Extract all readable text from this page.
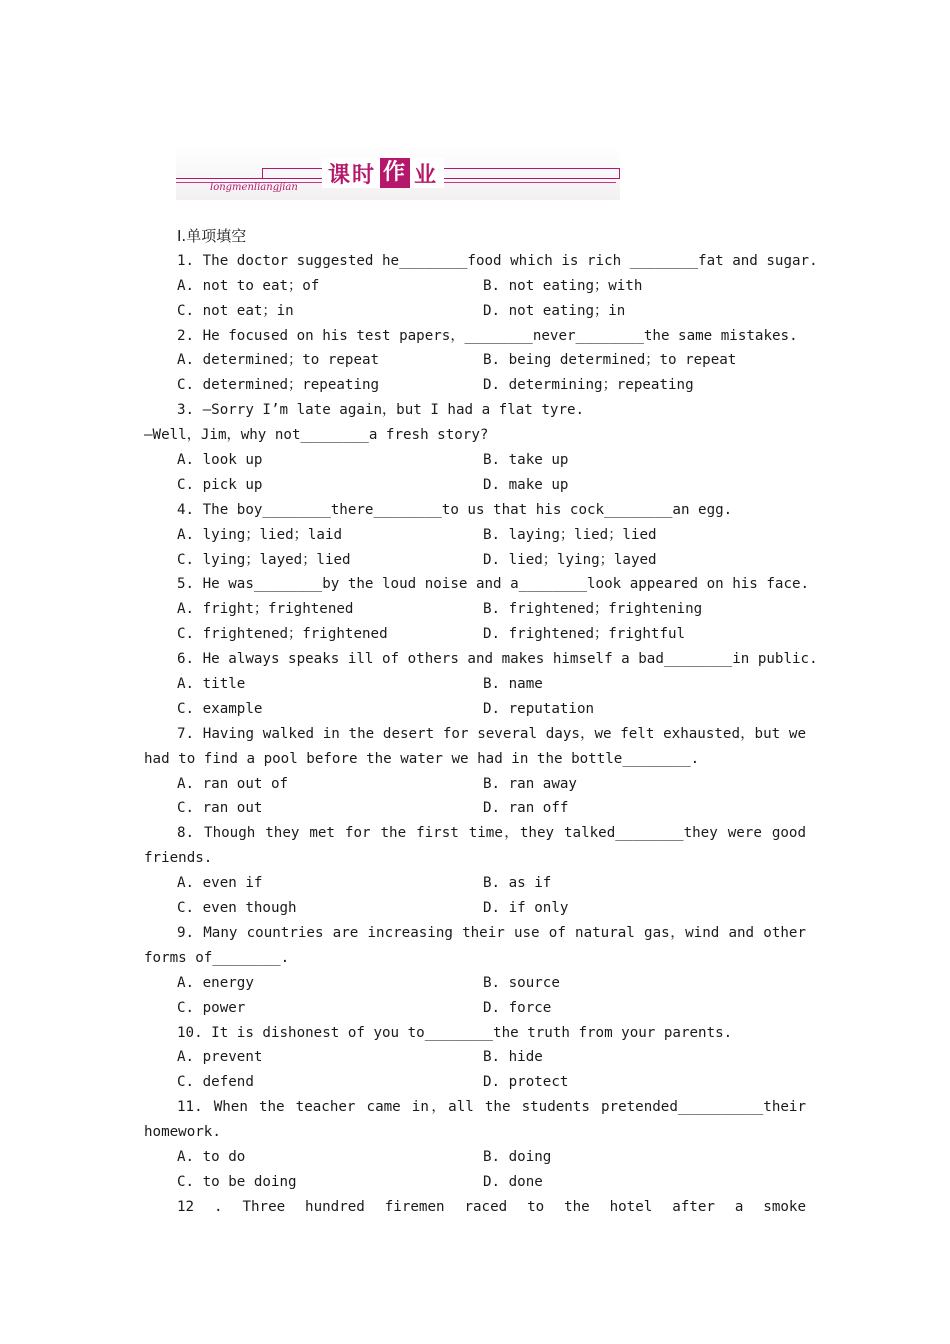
课时 作 业
longmenliangjian
Ⅰ.单项填空
1. The doctor suggested he________food which is rich ________fat and sugar.
A. not to eat；of	B. not eating；with
C. not eat；in	D. not eating；in
2. He focused on his test papers，________never________the same mistakes.
A. determined；to repeat	B. being determined；to repeat
C. determined；repeating	D. determining；repeating
3. —Sorry I’m late again，but I had a flat tyre.
—Well，Jim，why not________a fresh story?
A. look up	B. take up
C. pick up	D. make up
4. The boy________there________to us that his cock________an egg.
A. lying；lied；laid	B. laying；lied；lied
C. lying；layed；lied	D. lied；lying；layed
5. He was________by the loud noise and a________look appeared on his face.
A. fright；frightened	B. frightened；frightening
C. frightened；frightened	D. frightened；frightful
6. He always speaks ill of others and makes himself a bad________in public.
A. title	B. name
C. example	D. reputation
7. Having walked in the desert for several days，we felt exhausted，but we
had to find a pool before the water we had in the bottle________.
A. ran out of	B. ran away
C. ran out	D. ran off
8. Though they met for the first time，they talked________they were good
friends.
A. even if	B. as if
C. even though	D. if only
9. Many countries are increasing their use of natural gas，wind and other
forms of________.
A. energy	B. source
C. power	D. force
10. It is dishonest of you to________the truth from your parents.
A. prevent	B. hide
C. defend	D. protect
11. When the teacher came in，all the students pretended__________their
homework.
A. to do	B. doing
C. to be doing	D. done
12 . Three hundred firemen raced to the hotel after a smoke
